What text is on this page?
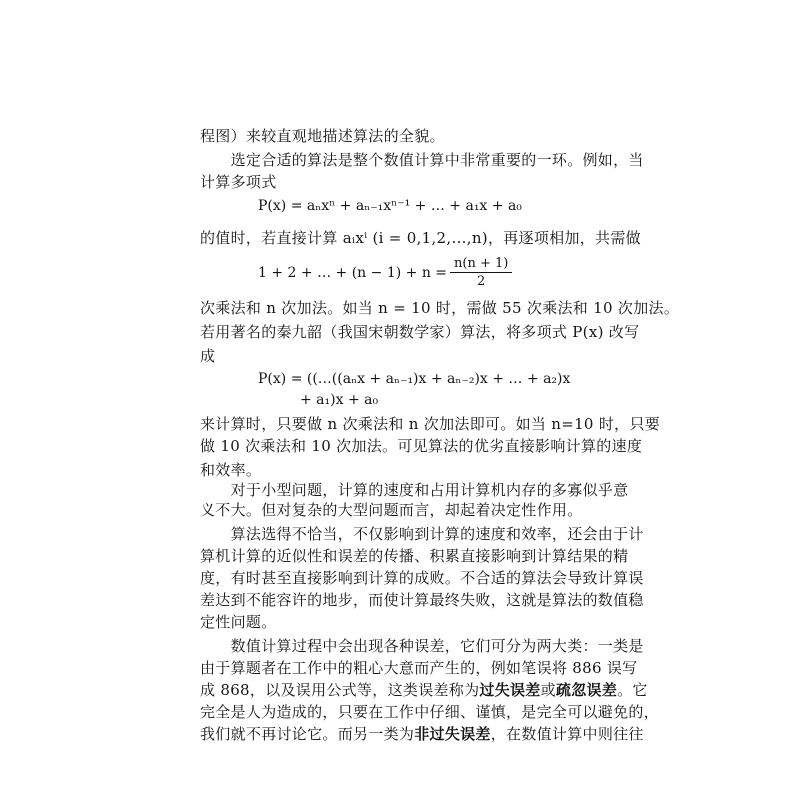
程图）来较直观地描述算法的全貌。
　　选定合适的算法是整个数值计算中非常重要的一环。例如，当
计算多项式
P(x) = aₙxⁿ + aₙ₋₁xⁿ⁻¹ + … + a₁x + a₀
的值时，若直接计算 aᵢxⁱ (i = 0,1,2,…,n)，再逐项相加，共需做
1 + 2 + … + $(n - 1) + n = \frac{n(n + 1)}{2}$
次乘法和 n 次加法。如当 n = 10 时，需做 55 次乘法和 10 次加法。
若用著名的秦九韶（我国宋朝数学家）算法，将多项式 P(x) 改写
成
P(x) = ((…((aₙx + aₙ₋₁)x + aₙ₋₂)x + … + a₂)x
+ a₁)x + a₀
来计算时，只要做 n 次乘法和 n 次加法即可。如当 n=10 时，只要
做 10 次乘法和 10 次加法。可见算法的优劣直接影响计算的速度
和效率。
　　对于小型问题，计算的速度和占用计算机内存的多寡似乎意
义不大。但对复杂的大型问题而言，却起着决定性作用。
　　算法选得不恰当，不仅影响到计算的速度和效率，还会由于计
算机计算的近似性和误差的传播、积累直接影响到计算结果的精
度，有时甚至直接影响到计算的成败。不合适的算法会导致计算误
差达到不能容许的地步，而使计算最终失败，这就是算法的数值稳
定性问题。
　　数值计算过程中会出现各种误差，它们可分为两大类：一类是
由于算题者在工作中的粗心大意而产生的，例如笔误将 886 误写
成 868，以及误用公式等，这类误差称为过失误差或疏忽误差。它
完全是人为造成的，只要在工作中仔细、谨慎，是完全可以避免的，
我们就不再讨论它。而另一类为非过失误差，在数值计算中则往往
